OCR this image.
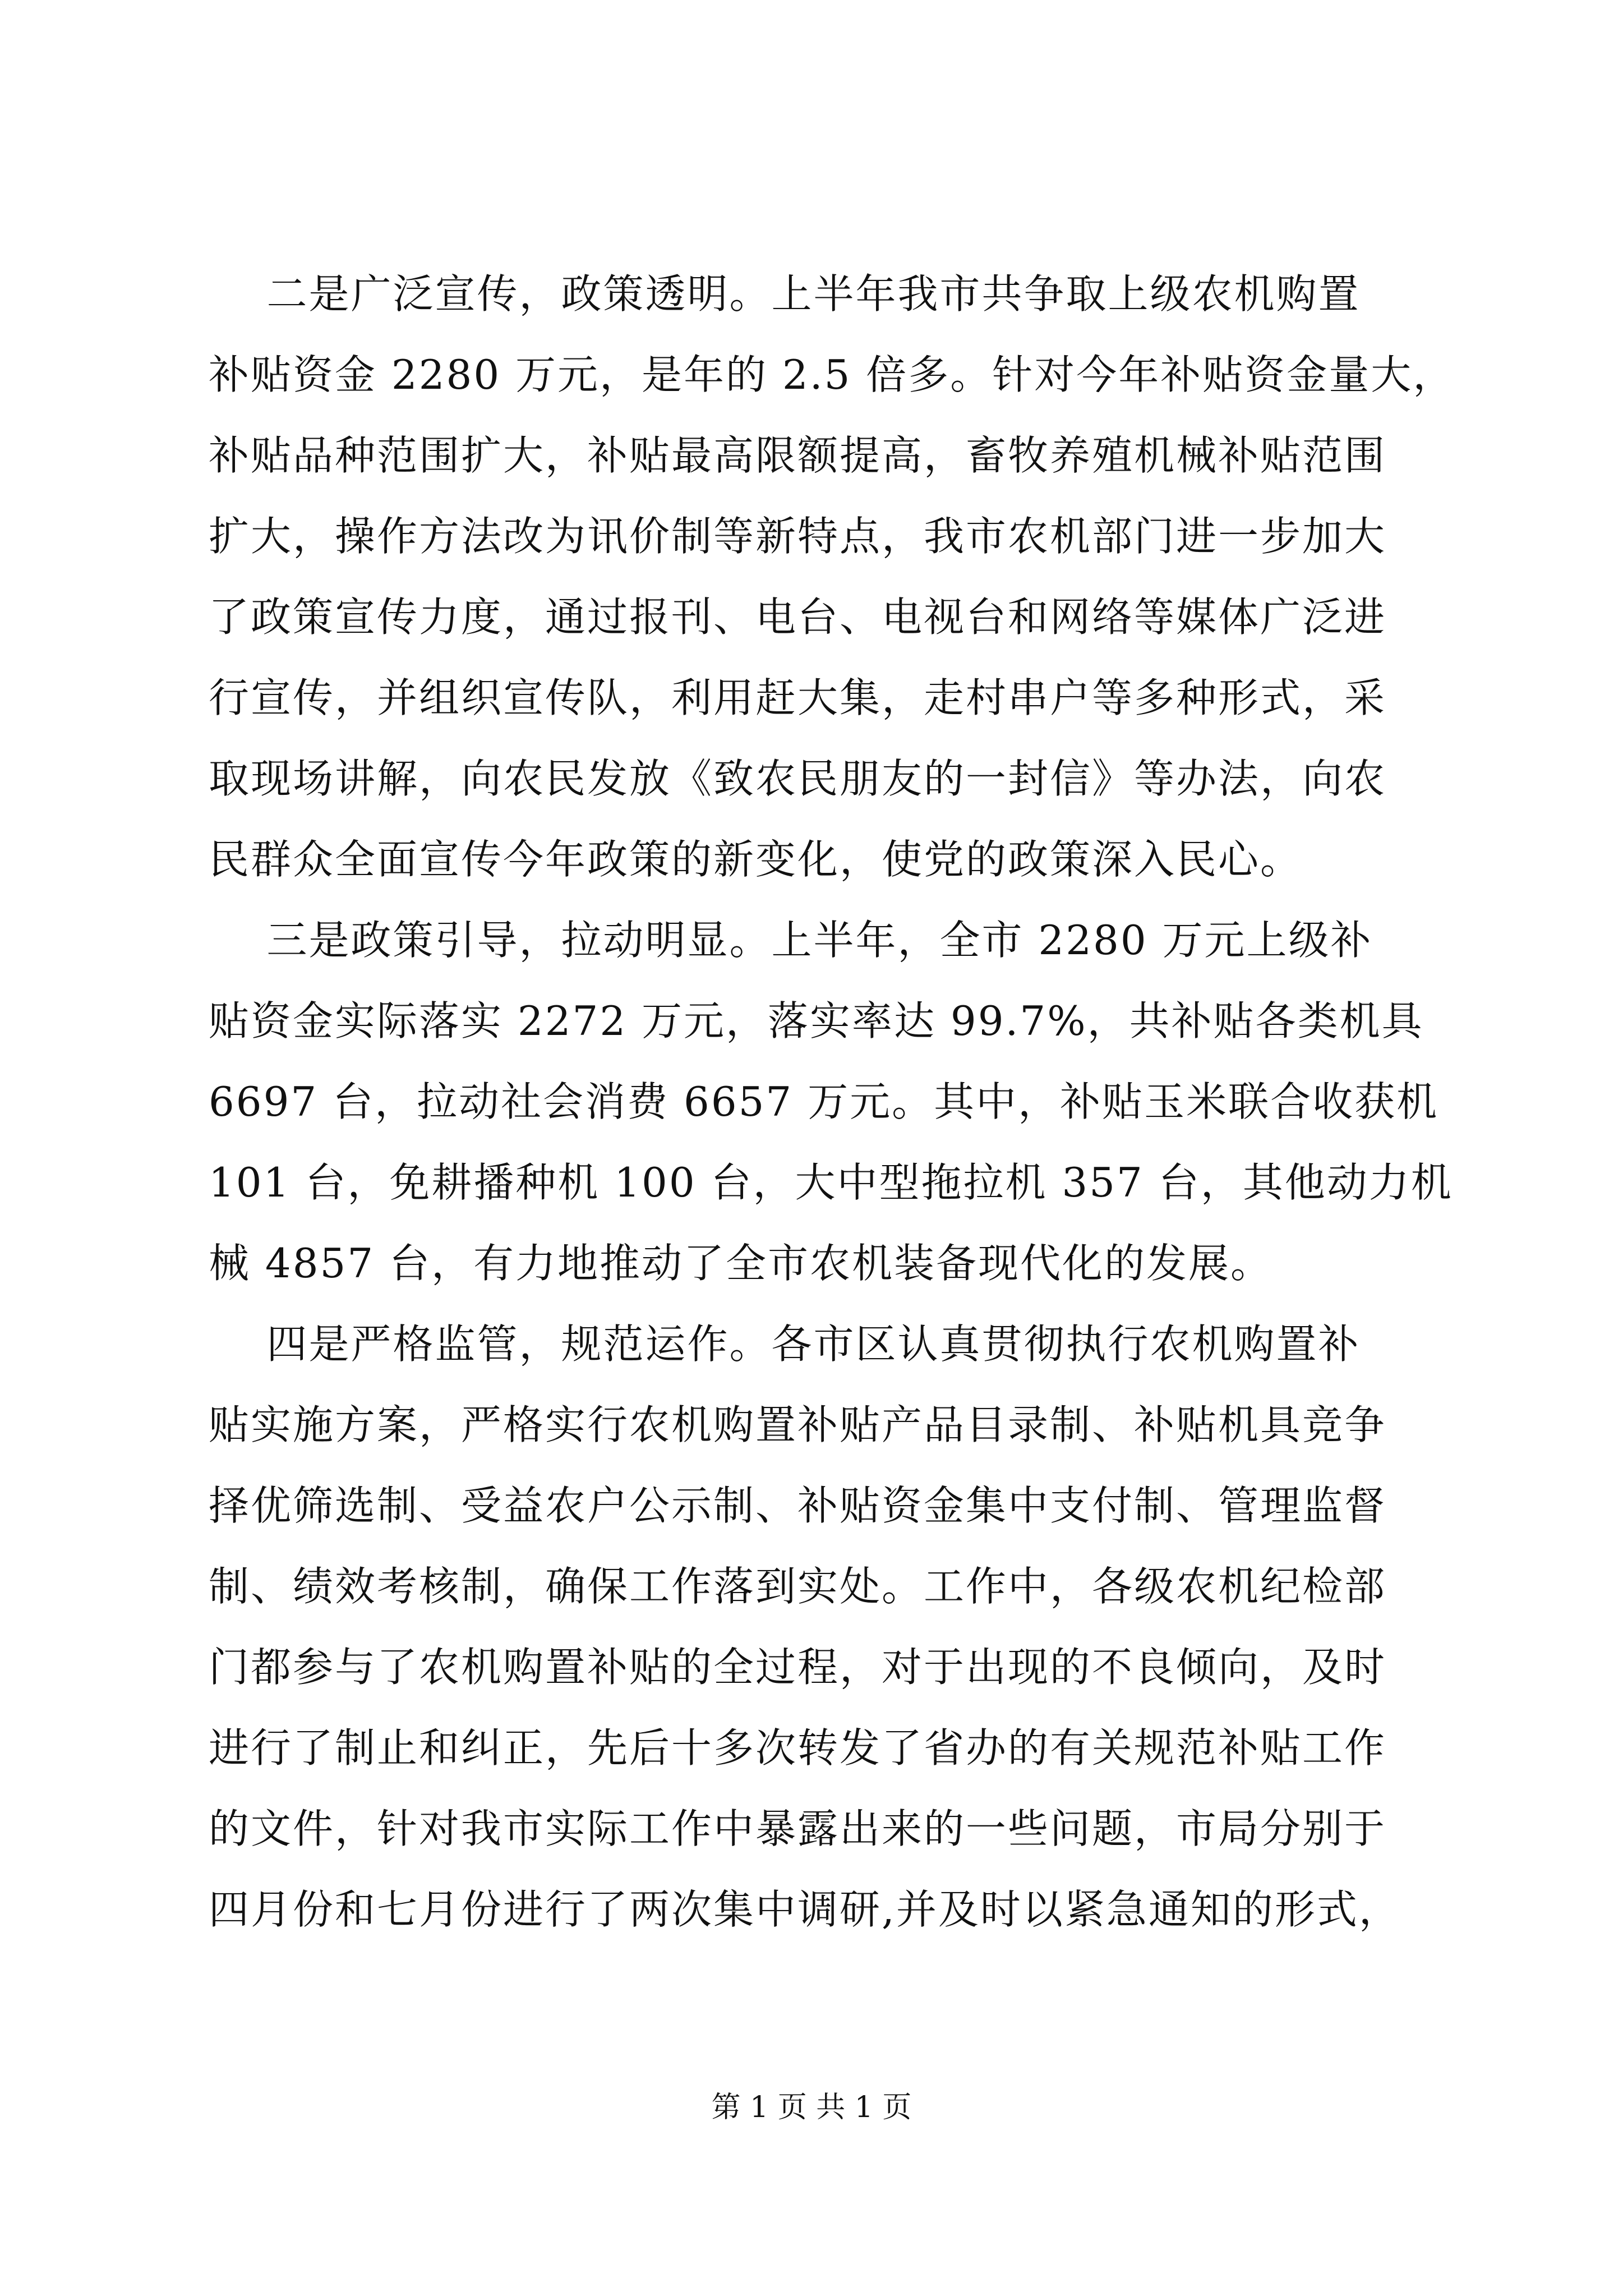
二是广泛宣传，政策透明。上半年我市共争取上级农机购置
补贴资金 2280 万元，是年的 2.5 倍多。针对今年补贴资金量大，
补贴品种范围扩大，补贴最高限额提高，畜牧养殖机械补贴范围
扩大，操作方法改为讯价制等新特点，我市农机部门进一步加大
了政策宣传力度，通过报刊、电台、电视台和网络等媒体广泛进
行宣传，并组织宣传队，利用赶大集，走村串户等多种形式，采
取现场讲解，向农民发放《致农民朋友的一封信》等办法，向农
民群众全面宣传今年政策的新变化，使党的政策深入民心。
三是政策引导，拉动明显。上半年，全市 2280 万元上级补
贴资金实际落实 2272 万元，落实率达 99.7%，共补贴各类机具
6697 台，拉动社会消费 6657 万元。其中，补贴玉米联合收获机
101 台，免耕播种机 100 台，大中型拖拉机 357 台，其他动力机
械 4857 台，有力地推动了全市农机装备现代化的发展。
四是严格监管，规范运作。各市区认真贯彻执行农机购置补
贴实施方案，严格实行农机购置补贴产品目录制、补贴机具竞争
择优筛选制、受益农户公示制、补贴资金集中支付制、管理监督
制、绩效考核制，确保工作落到实处。工作中，各级农机纪检部
门都参与了农机购置补贴的全过程，对于出现的不良倾向，及时
进行了制止和纠正，先后十多次转发了省办的有关规范补贴工作
的文件，针对我市实际工作中暴露出来的一些问题，市局分别于
四月份和七月份进行了两次集中调研,并及时以紧急通知的形式，
第 1 页 共 1 页
